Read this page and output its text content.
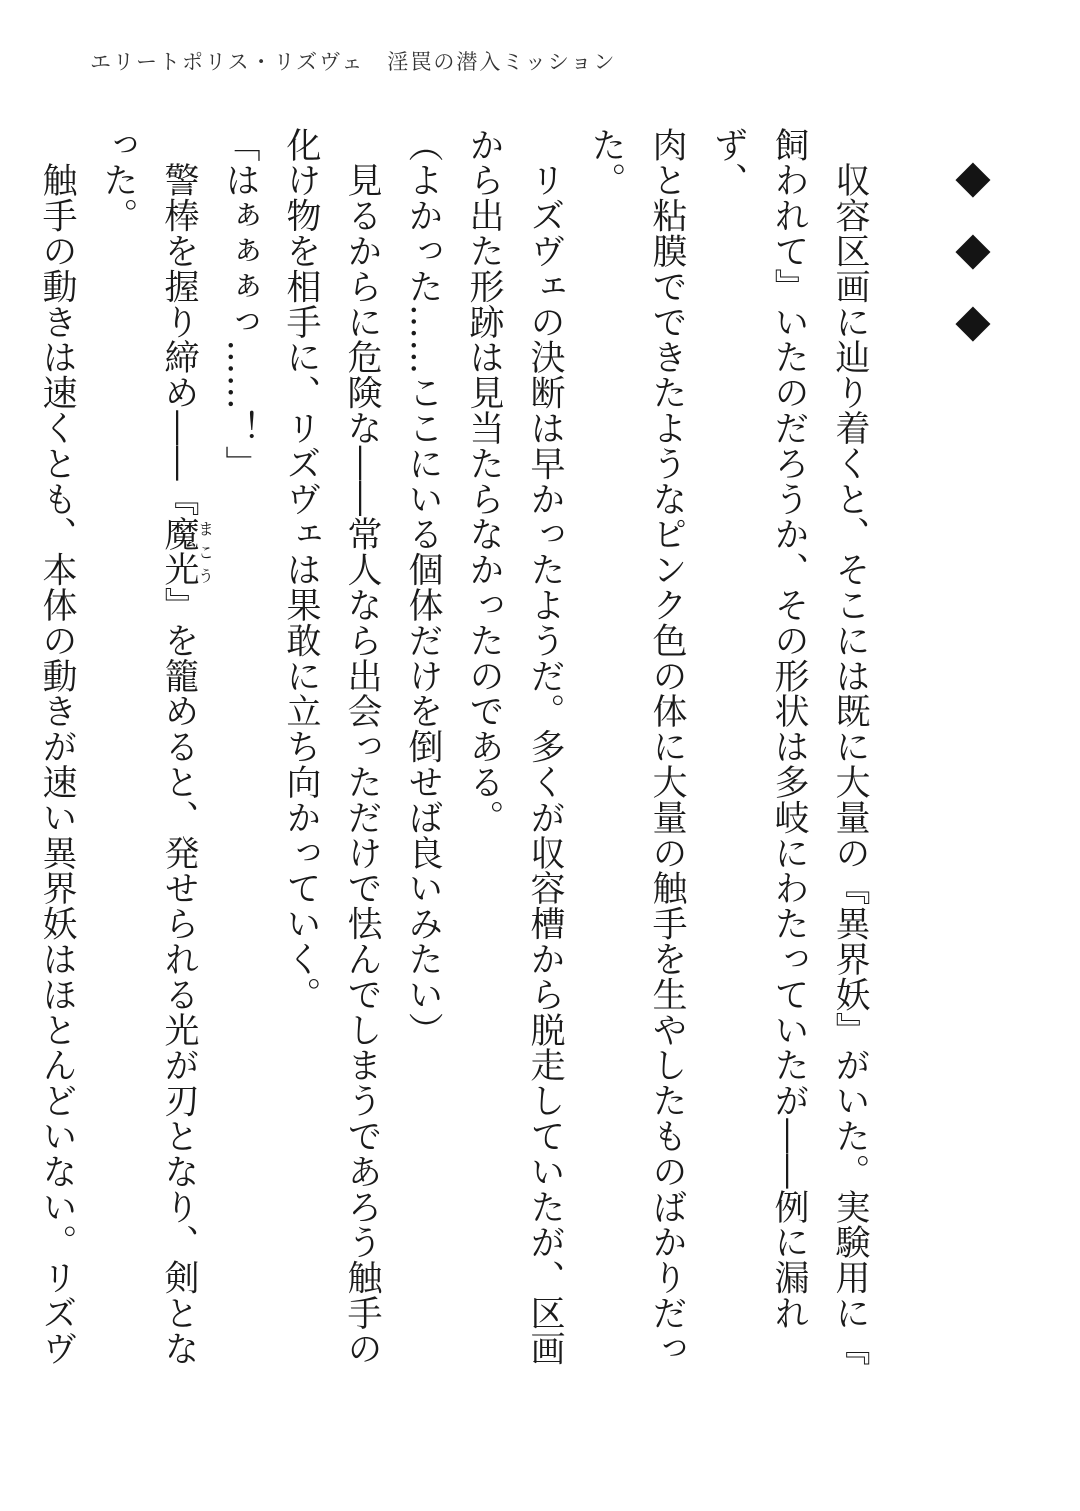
エリートポリス・リズヴェ　淫罠の潜入ミッション
◆
◆
◆
　収容区画に辿り着くと、そこには既に大量の『異界妖』がいた。実験用に『
飼われて』いたのだろうか、その形状は多岐にわたっていたが――例に漏れず、
肉と粘膜でできたようなピンク色の体に大量の触手を生やしたものばかりだっ
た。
　リズヴェの決断は早かったようだ。多くが収容槽から脱走していたが、区画
から出た形跡は見当たらなかったのである。
（よかった……ここにいる個体だけを倒せば良いみたい）
　見るからに危険な――常人なら出会っただけで怯んでしまうであろう触手の
化け物を相手に、リズヴェは果敢に立ち向かっていく。
「はぁぁぁっ……！」
　警棒を握り締め――『魔光まこう』を籠めると、発せられる光が刃となり、剣とな
った。
　触手の動きは速くとも、本体の動きが速い異界妖はほとんどいない。リズヴ
